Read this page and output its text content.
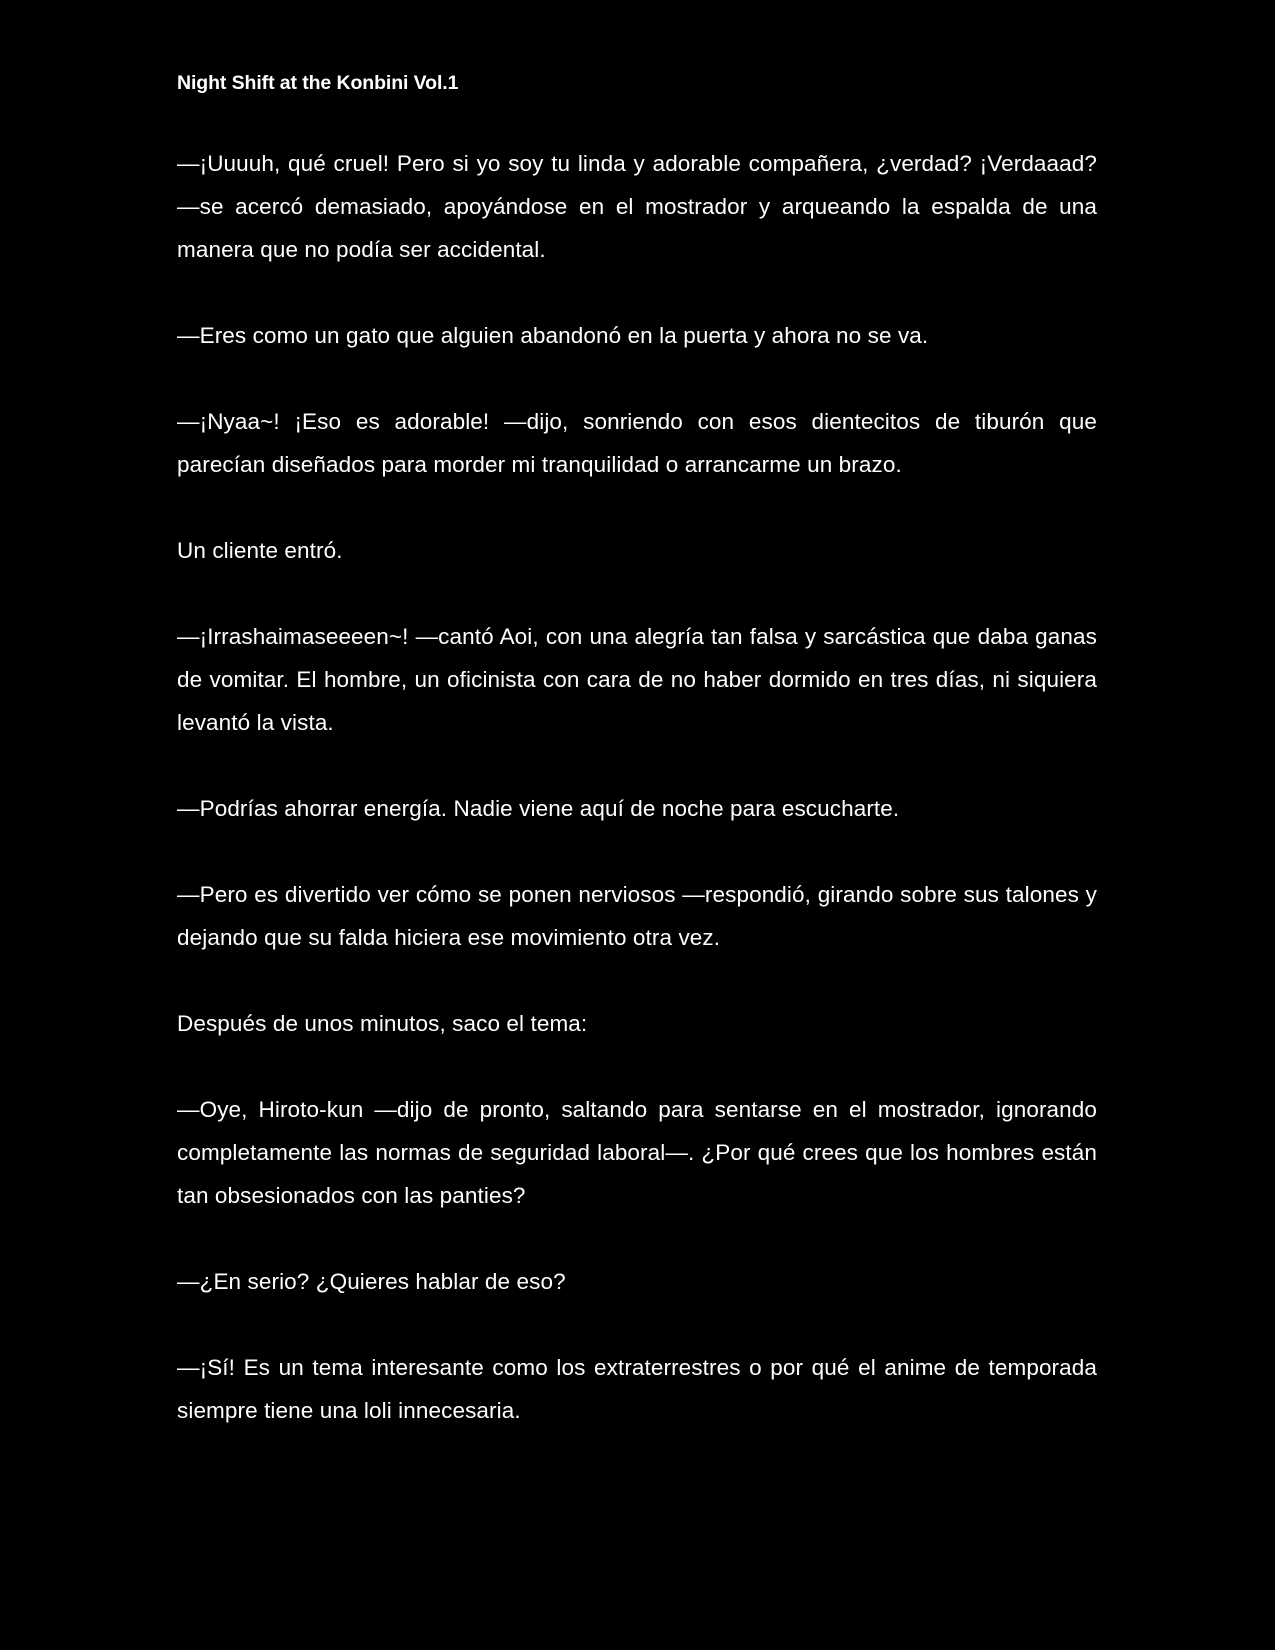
Night Shift at the Konbini Vol.1

—¡Uuuuh, qué cruel! Pero si yo soy tu linda y adorable compañera, ¿verdad? ¡Verdaaad? —se acercó demasiado, apoyándose en el mostrador y arqueando la espalda de una manera que no podía ser accidental.

—Eres como un gato que alguien abandonó en la puerta y ahora no se va.

—¡Nyaa~! ¡Eso es adorable! —dijo, sonriendo con esos dientecitos de tiburón que parecían diseñados para morder mi tranquilidad o arrancarme un brazo.

Un cliente entró.

—¡Irrashaimaseeeen~! —cantó Aoi, con una alegría tan falsa y sarcástica que daba ganas de vomitar. El hombre, un oficinista con cara de no haber dormido en tres días, ni siquiera levantó la vista.

—Podrías ahorrar energía. Nadie viene aquí de noche para escucharte.

—Pero es divertido ver cómo se ponen nerviosos —respondió, girando sobre sus talones y dejando que su falda hiciera ese movimiento otra vez.

Después de unos minutos, saco el tema:

—Oye, Hiroto-kun —dijo de pronto, saltando para sentarse en el mostrador, ignorando completamente las normas de seguridad laboral—. ¿Por qué crees que los hombres están tan obsesionados con las panties?

—¿En serio? ¿Quieres hablar de eso?

—¡Sí! Es un tema interesante como los extraterrestres o por qué el anime de temporada siempre tiene una loli innecesaria.
